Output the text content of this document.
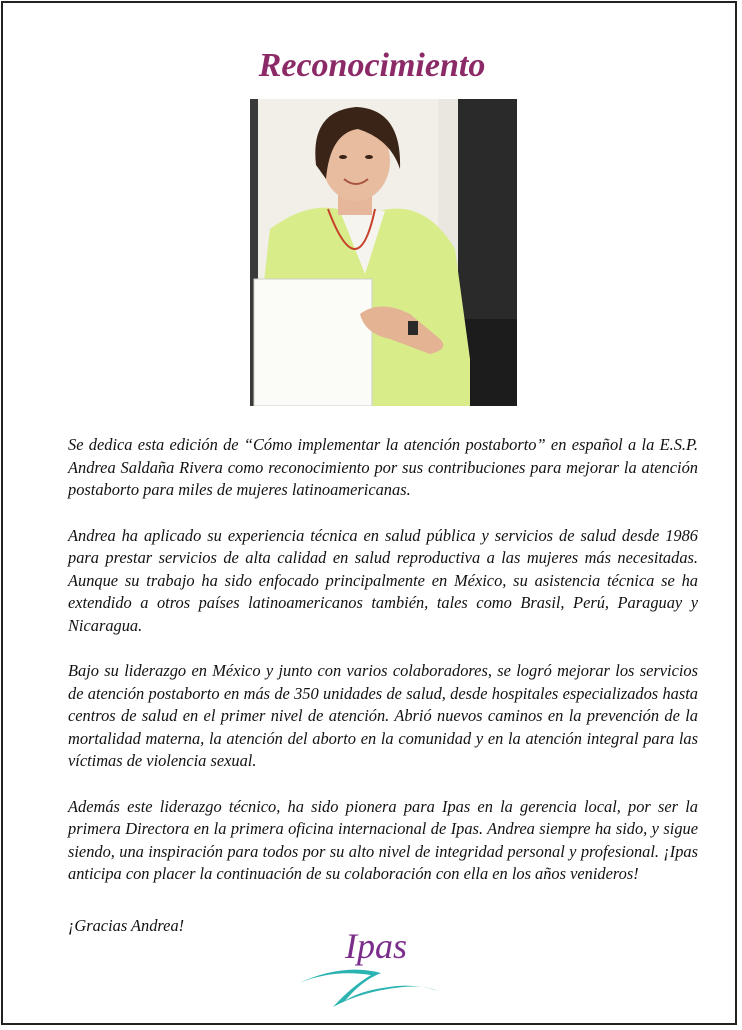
Reconocimiento

Se dedica esta edición de “Cómo implementar la atención postaborto” en español a la E.S.P. Andrea Saldaña Rivera como reconocimiento por sus contribuciones para mejorar la atención postaborto para miles de mujeres latinoamericanas.

Andrea ha aplicado su experiencia técnica en salud pública y servicios de salud desde 1986 para prestar servicios de alta calidad en salud reproductiva a las mujeres más necesitadas. Aunque su trabajo ha sido enfocado principalmente en México, su asistencia técnica se ha extendido a otros países latinoamericanos también, tales como Brasil, Perú, Paraguay y Nicaragua.

Bajo su liderazgo en México y junto con varios colaboradores, se logró mejorar los servicios de atención postaborto en más de 350 unidades de salud, desde hospitales especializados hasta centros de salud en el primer nivel de atención. Abrió nuevos caminos en la prevención de la mortalidad materna, la atención del aborto en la comunidad y en la atención integral para las víctimas de violencia sexual.

Además este liderazgo técnico, ha sido pionera para Ipas en la gerencia local, por ser la primera Directora en la primera oficina internacional de Ipas. Andrea siempre ha sido, y sigue siendo, una inspiración para todos por su alto nivel de integridad personal y profesional. ¡Ipas anticipa con placer la continuación de su colaboración con ella en los años venideros!

¡Gracias Andrea!
Ipas
